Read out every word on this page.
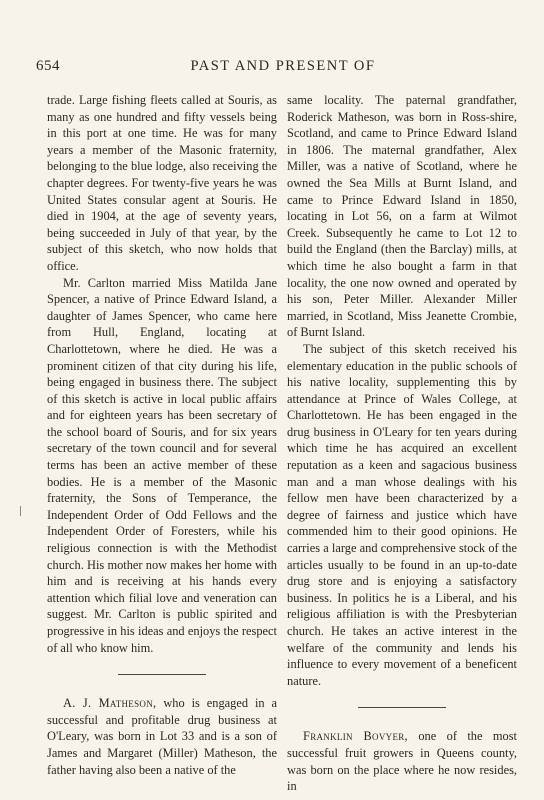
654	PAST AND PRESENT OF

trade. Large fishing fleets called at Souris, as many as one hundred and fifty vessels being in this port at one time. He was for many years a member of the Masonic fraternity, belonging to the blue lodge, also receiving the chapter degrees. For twenty-five years he was United States consular agent at Souris. He died in 1904, at the age of seventy years, being succeeded in July of that year, by the subject of this sketch, who now holds that office.

Mr. Carlton married Miss Matilda Jane Spencer, a native of Prince Edward Island, a daughter of James Spencer, who came here from Hull, England, locating at Charlottetown, where he died. He was a prominent citizen of that city during his life, being engaged in business there. The subject of this sketch is active in local public affairs and for eighteen years has been secretary of the school board of Souris, and for six years secretary of the town council and for several terms has been an active member of these bodies. He is a member of the Masonic fraternity, the Sons of Temperance, the Independent Order of Odd Fellows and the Independent Order of Foresters, while his religious connection is with the Methodist church. His mother now makes her home with him and is receiving at his hands every attention which filial love and veneration can suggest. Mr. Carlton is public spirited and progressive in his ideas and enjoys the respect of all who know him.

A. J. Matheson, who is engaged in a successful and profitable drug business at O'Leary, was born in Lot 33 and is a son of James and Margaret (Miller) Matheson, the father having also been a native of the

same locality. The paternal grandfather, Roderick Matheson, was born in Ross-shire, Scotland, and came to Prince Edward Island in 1806. The maternal grandfather, Alex Miller, was a native of Scotland, where he owned the Sea Mills at Burnt Island, and came to Prince Edward Island in 1850, locating in Lot 56, on a farm at Wilmot Creek. Subsequently he came to Lot 12 to build the England (then the Barclay) mills, at which time he also bought a farm in that locality, the one now owned and operated by his son, Peter Miller. Alexander Miller married, in Scotland, Miss Jeanette Crombie, of Burnt Island.

The subject of this sketch received his elementary education in the public schools of his native locality, supplementing this by attendance at Prince of Wales College, at Charlottetown. He has been engaged in the drug business in O'Leary for ten years during which time he has acquired an excellent reputation as a keen and sagacious business man and a man whose dealings with his fellow men have been characterized by a degree of fairness and justice which have commended him to their good opinions. He carries a large and comprehensive stock of the articles usually to be found in an up-to-date drug store and is enjoying a satisfactory business. In politics he is a Liberal, and his religious affiliation is with the Presbyterian church. He takes an active interest in the welfare of the community and lends his influence to every movement of a beneficent nature.

Franklin Bovyer, one of the most successful fruit growers in Queens county, was born on the place where he now resides, in
